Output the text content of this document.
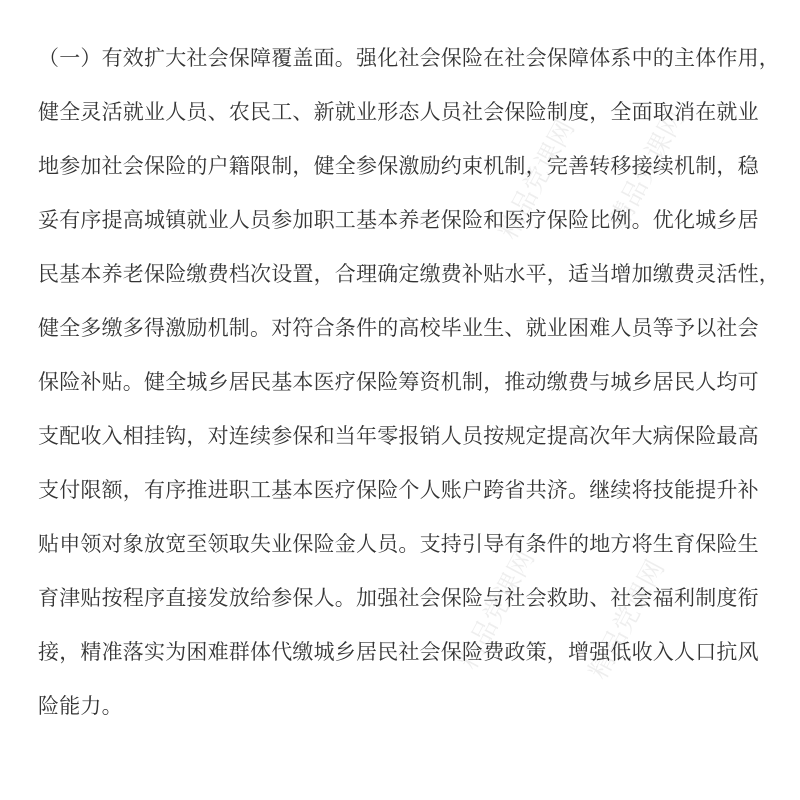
精品党课网 精品党课网
精品党课网 精品党课网
（一）有效扩大社会保障覆盖面。强化社会保险在社会保障体系中的主体作用，
健全灵活就业人员、农民工、新就业形态人员社会保险制度，全面取消在就业
地参加社会保险的户籍限制，健全参保激励约束机制，完善转移接续机制，稳
妥有序提高城镇就业人员参加职工基本养老保险和医疗保险比例。优化城乡居
民基本养老保险缴费档次设置，合理确定缴费补贴水平，适当增加缴费灵活性，
健全多缴多得激励机制。对符合条件的高校毕业生、就业困难人员等予以社会
保险补贴。健全城乡居民基本医疗保险筹资机制，推动缴费与城乡居民人均可
支配收入相挂钩，对连续参保和当年零报销人员按规定提高次年大病保险最高
支付限额，有序推进职工基本医疗保险个人账户跨省共济。继续将技能提升补
贴申领对象放宽至领取失业保险金人员。支持引导有条件的地方将生育保险生
育津贴按程序直接发放给参保人。加强社会保险与社会救助、社会福利制度衔
接，精准落实为困难群体代缴城乡居民社会保险费政策，增强低收入人口抗风
险能力。
